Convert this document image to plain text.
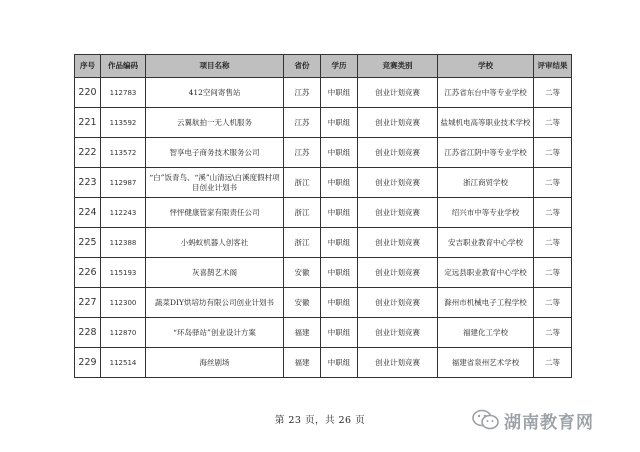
序号	作品编码	项目名称	省份	学历	竞赛类别	学校	评审结果
220	112783	412空间寄售站	江苏	中职组	创业计划竞赛	江苏省东台中等专业学校	二等
221	113592	云翼航拍一无人机服务	江苏	中职组	创业计划竞赛	盐城机电高等职业技术学校	二等
222	113572	智享电子商务技术服务公司	江苏	中职组	创业计划竞赛	江苏省江阴中等专业学校	二等
223	112987	“白”饭青鸟、“溪”山清远\白溪度假村项目创业计划书	浙江	中职组	创业计划竞赛	浙江商贸学校	二等
224	112243	怦怦健康管家有限责任公司	浙江	中职组	创业计划竞赛	绍兴市中等专业学校	二等
225	112388	小蚂蚁机器人创客社	浙江	中职组	创业计划竞赛	安吉职业教育中心学校	二等
226	115193	灰喜鹊艺术阁	安徽	中职组	创业计划竞赛	定远县职业教育中心学校	二等
227	112300	蔬菜DIY烘培坊有限公司创业计划书	安徽	中职组	创业计划竞赛	滁州市机械电子工程学校	二等
228	112870	“环岛驿站”创业设计方案	福建	中职组	创业计划竞赛	福建化工学校	二等
229	112514	海丝剧场	福建	中职组	创业计划竞赛	福建省泉州艺术学校	二等
第 23 页，共 26 页	湖南教育网
